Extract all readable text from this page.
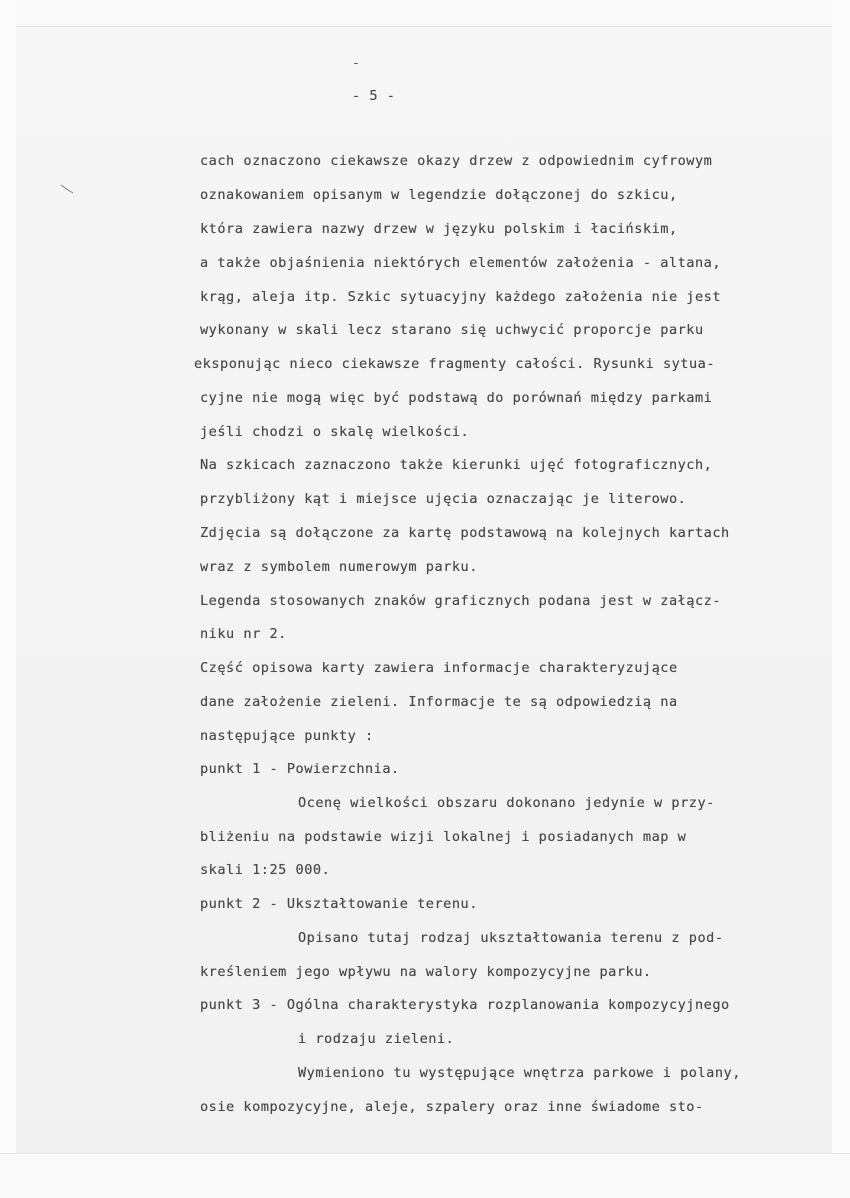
-
- 5 -
cach oznaczono ciekawsze okazy drzew z odpowiednim cyfrowym
oznakowaniem opisanym w legendzie dołączonej do szkicu,
która zawiera nazwy drzew w języku polskim i łacińskim,
a także objaśnienia niektórych elementów założenia - altana,
krąg, aleja itp. Szkic sytuacyjny każdego założenia nie jest
wykonany w skali lecz starano się uchwycić proporcje parku
eksponując nieco ciekawsze fragmenty całości. Rysunki sytua-
cyjne nie mogą więc być podstawą do porównań między parkami
jeśli chodzi o skalę wielkości.
Na szkicach zaznaczono także kierunki ujęć fotograficznych,
przybliżony kąt i miejsce ujęcia oznaczając je literowo.
Zdjęcia są dołączone za kartę podstawową na kolejnych kartach
wraz z symbolem numerowym parku.
Legenda stosowanych znaków graficznych podana jest w załącz-
niku nr 2.
Część opisowa karty zawiera informacje charakteryzujące
dane założenie zieleni. Informacje te są odpowiedzią na
następujące punkty :
punkt 1 - Powierzchnia.
Ocenę wielkości obszaru dokonano jedynie w przy-
bliżeniu na podstawie wizji lokalnej i posiadanych map w
skali 1:25 000.
punkt 2 - Ukształtowanie terenu.
Opisano tutaj rodzaj ukształtowania terenu z pod-
kreśleniem jego wpływu na walory kompozycyjne parku.
punkt 3 - Ogólna charakterystyka rozplanowania kompozycyjnego
i rodzaju zieleni.
Wymieniono tu występujące wnętrza parkowe i polany,
osie kompozycyjne, aleje, szpalery oraz inne świadome sto-
